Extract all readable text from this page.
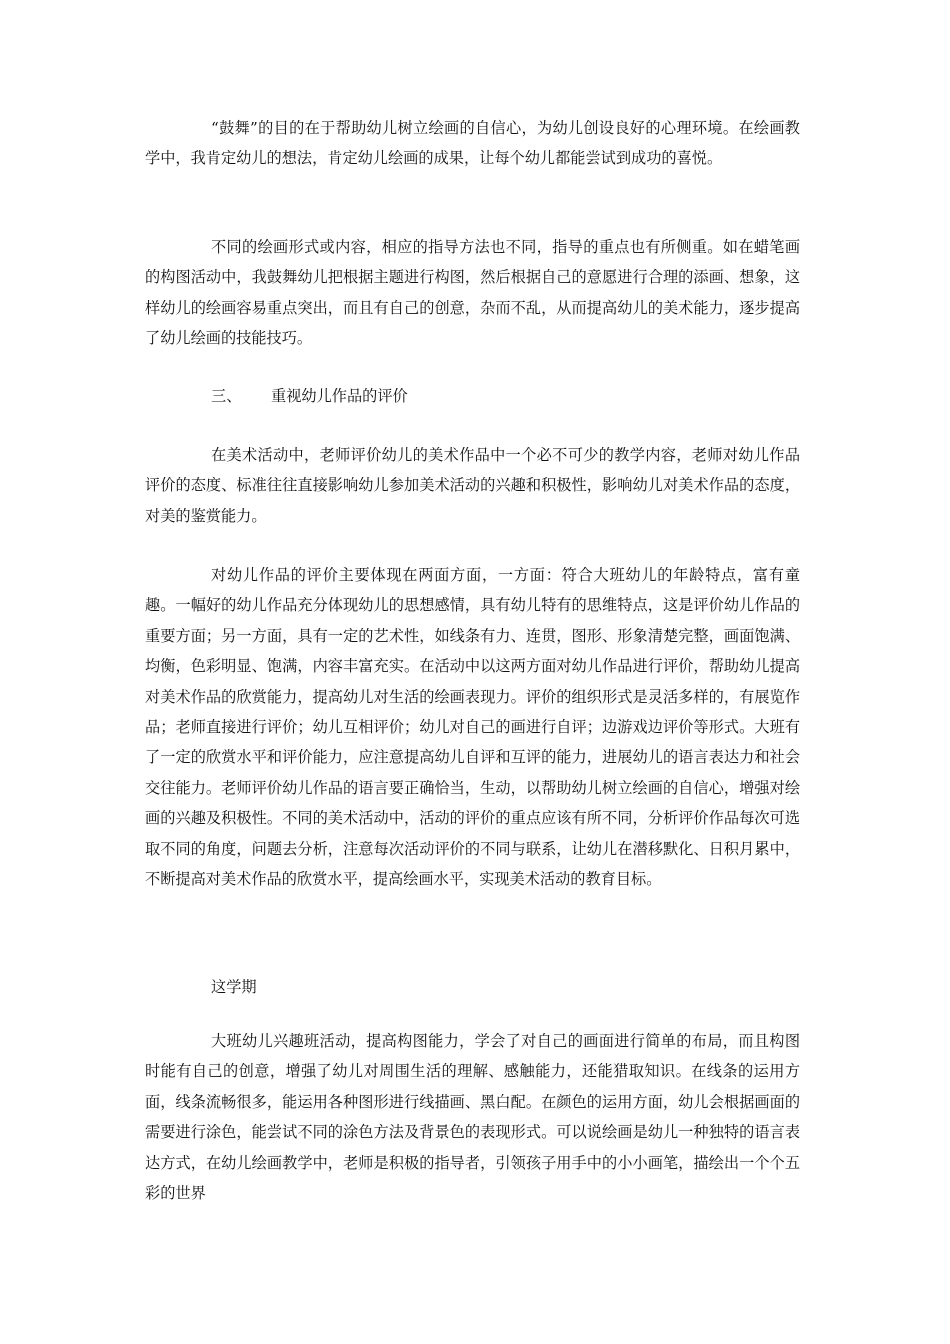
“鼓舞”的目的在于帮助幼儿树立绘画的自信心，为幼儿创设良好的心理环境。在绘画教学中，我肯定幼儿的想法，肯定幼儿绘画的成果，让每个幼儿都能尝试到成功的喜悦。

不同的绘画形式或内容，相应的指导方法也不同，指导的重点也有所侧重。如在蜡笔画的构图活动中，我鼓舞幼儿把根据主题进行构图，然后根据自己的意愿进行合理的添画、想象，这样幼儿的绘画容易重点突出，而且有自己的创意，杂而不乱，从而提高幼儿的美术能力，逐步提高了幼儿绘画的技能技巧。

三、 重视幼儿作品的评价

在美术活动中，老师评价幼儿的美术作品中一个必不可少的教学内容，老师对幼儿作品评价的态度、标准往往直接影响幼儿参加美术活动的兴趣和积极性，影响幼儿对美术作品的态度，对美的鉴赏能力。

对幼儿作品的评价主要体现在两面方面，一方面：符合大班幼儿的年龄特点，富有童趣。一幅好的幼儿作品充分体现幼儿的思想感情，具有幼儿特有的思维特点，这是评价幼儿作品的重要方面；另一方面，具有一定的艺术性，如线条有力、连贯，图形、形象清楚完整，画面饱满、均衡，色彩明显、饱满，内容丰富充实。在活动中以这两方面对幼儿作品进行评价，帮助幼儿提高对美术作品的欣赏能力，提高幼儿对生活的绘画表现力。评价的组织形式是灵活多样的，有展览作品；老师直接进行评价；幼儿互相评价；幼儿对自己的画进行自评；边游戏边评价等形式。大班有了一定的欣赏水平和评价能力，应注意提高幼儿自评和互评的能力，进展幼儿的语言表达力和社会交往能力。老师评价幼儿作品的语言要正确恰当，生动，以帮助幼儿树立绘画的自信心，增强对绘画的兴趣及积极性。不同的美术活动中，活动的评价的重点应该有所不同，分析评价作品每次可选取不同的角度，问题去分析，注意每次活动评价的不同与联系，让幼儿在潜移默化、日积月累中，不断提高对美术作品的欣赏水平，提高绘画水平，实现美术活动的教育目标。

这学期

大班幼儿兴趣班活动，提高构图能力，学会了对自己的画面进行简单的布局，而且构图时能有自己的创意，增强了幼儿对周围生活的理解、感触能力，还能猎取知识。在线条的运用方面，线条流畅很多，能运用各种图形进行线描画、黑白配。在颜色的运用方面，幼儿会根据画面的需要进行涂色，能尝试不同的涂色方法及背景色的表现形式。可以说绘画是幼儿一种独特的语言表达方式，在幼儿绘画教学中，老师是积极的指导者，引领孩子用手中的小小画笔，描绘出一个个五彩的世界
